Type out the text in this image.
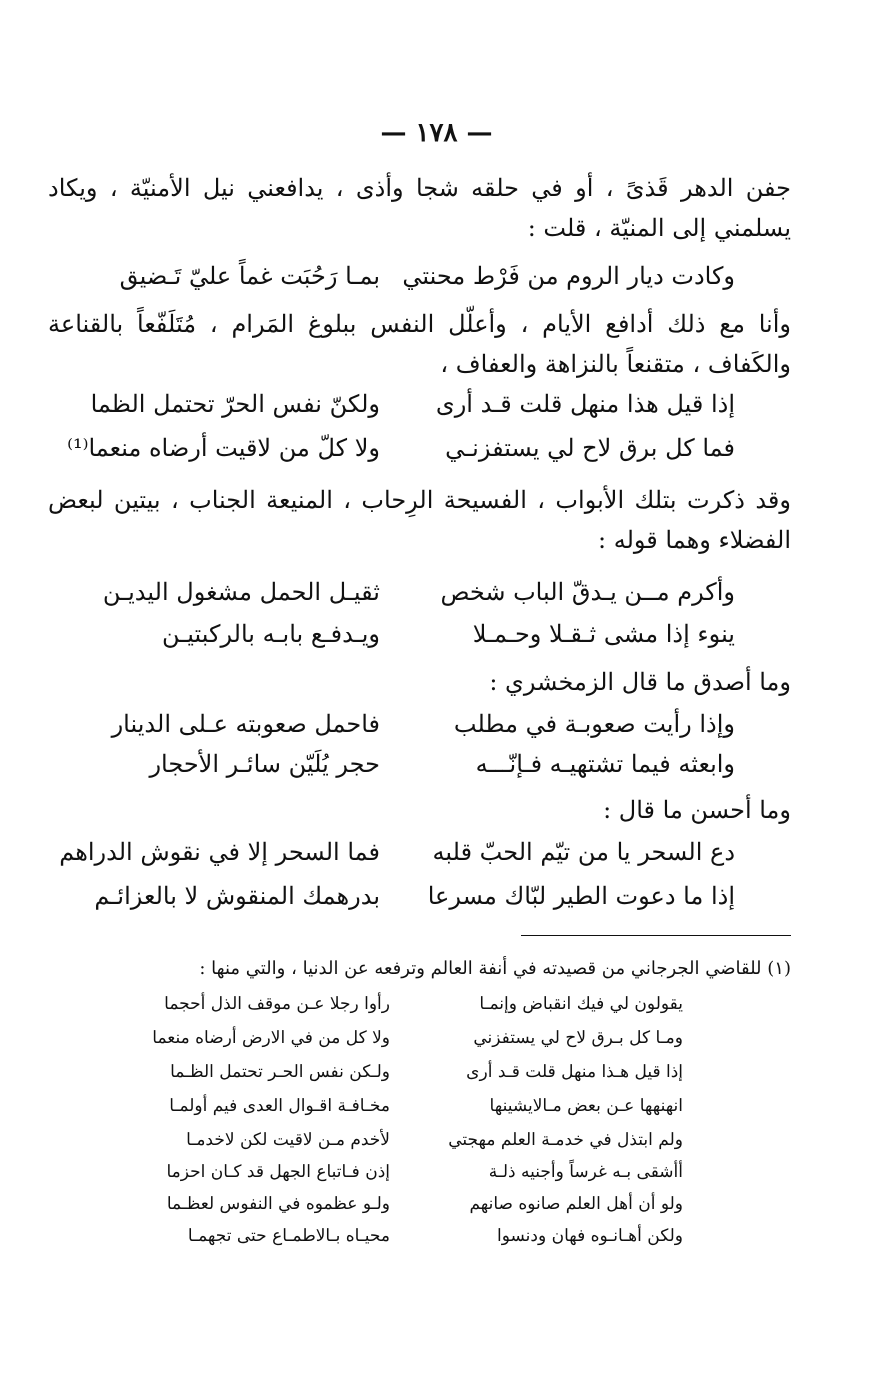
— ١٧٨ —

جفن الدهر قَذىً ، أو في حلقه شجا وأذى ، يدافعني نيل الأمنيّة ، ويكاد يسلمني إلى المنيّة ، قلت :

وكادت ديار الروم من فَرْط محنتي
بمـا رَحُبَت غماً عليّ تَـضيق

وأنا مع ذلك أدافع الأيام ، وأعلّل النفس ببلوغ المَرام ، مُتَلَفّعاً بالقناعة والكَفاف ، متقنعاً بالنزاهة والعفاف ،

إذا قيل هذا منهل قلت قـد أرى
ولكنّ نفس الحرّ تحتمل الظما
فما كل برق لاح لي يستفزنـي
ولا كلّ من لاقيت أرضاه منعما⁽¹⁾

وقد ذكرت بتلك الأبواب ، الفسيحة الرِحاب ، المنيعة الجناب ، بيتين لبعض الفضلاء وهما قوله :

وأكرم مــن يـدقّ الباب شخص
ثقيـل الحمل مشغول اليديـن
ينوء إذا مشى ثـقـلا وحـمـلا
ويـدفـع بابـه بالركبتيـن

وما أصدق ما قال الزمخشري :

وإذا رأيت صعوبـة في مطلب
فاحمل صعوبته عـلى الدينار
وابعثه فيما تشتهيـه فـإنّـــه
حجر يُلَيّن سائـر الأحجار

وما أحسن ما قال :

دع السحر يا من تيّم الحبّ قلبه
فما السحر إلا في نقوش الدراهم
إذا ما دعوت الطير لبّاك مسرعا
بدرهمك المنقوش لا بالعزائـم
(١) للقاضي الجرجاني من قصيدته في أنفة العالم وترفعه عن الدنيا ، والتي منها :
يقولون لي فيك انقباض وإنمـا
رأوا رجلا عـن موقف الذل أحجما
ومـا كل بـرق لاح لي يستفزني
ولا كل من في الارض أرضاه منعما
إذا قيل هـذا منهل قلت قـد أرى
ولـكن نفس الحـر تحتمل الظـما
انهنهها عـن بعض مـالايشينها
مخـافـة اقـوال العدى فيم أولمـا
ولم ابتذل في خدمـة العلم مهجتي
لأخدم مـن لاقيت لكن لاخدمـا
أأشقى بـه غرساً وأجنيه ذلـة
إذن فـاتباع الجهل قد كـان احزما
ولو أن أهل العلم صانوه صانهم
ولـو عظموه في النفوس لعظـما
ولكن أهـانـوه فهان ودنسوا
محيـاه بـالاطمـاع حتى تجهمـا
